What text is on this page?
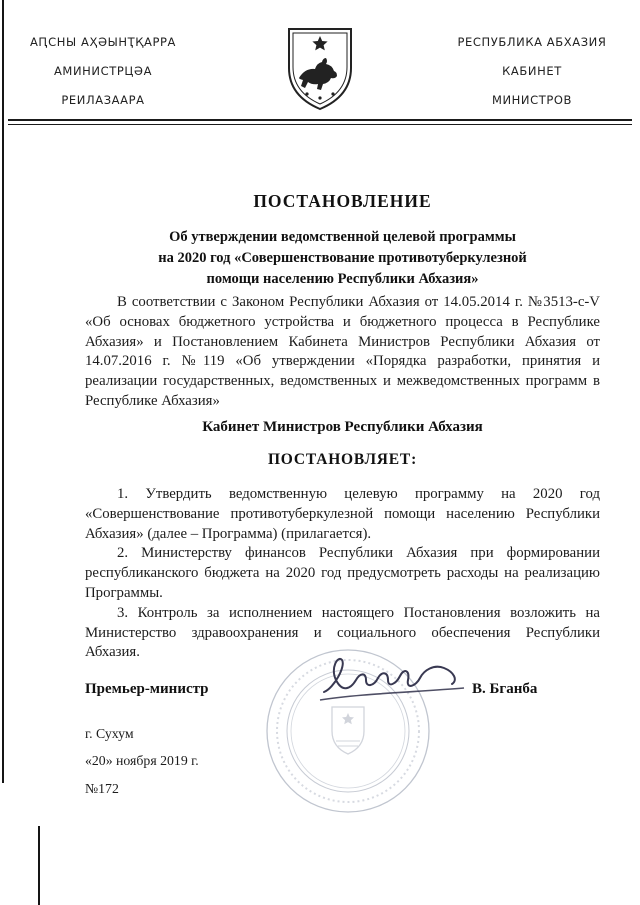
АԤСНЫ АҲӘЫНҬҚАРРА
АМИНИСТРЦӘА
РЕИЛАЗААРА
РЕСПУБЛИКА АБХАЗИЯ
КАБИНЕТ
МИНИСТРОВ
ПОСТАНОВЛЕНИЕ
Об утверждении ведомственной целевой программы
на 2020 год «Совершенствование противотуберкулезной
помощи населению Республики Абхазия»
В соответствии с Законом Республики Абхазия от 14.05.2014 г. №3513-с-V «Об основах бюджетного устройства и бюджетного процесса в Республике Абхазия» и Постановлением Кабинета Министров Республики Абхазия от 14.07.2016 г. №119 «Об утверждении «Порядка разработки, принятия и реализации государственных, ведомственных и межведомственных программ в Республике Абхазия»
Кабинет Министров Республики Абхазия
ПОСТАНОВЛЯЕТ:

1. Утвердить ведомственную целевую программу на 2020 год «Совершенствование противотуберкулезной помощи населению Республики Абхазия» (далее – Программа) (прилагается).

2. Министерству финансов Республики Абхазия при формировании республиканского бюджета на 2020 год предусмотреть расходы на реализацию Программы.

3. Контроль за исполнением настоящего Постановления возложить на Министерство здравоохранения и социального обеспечения Республики Абхазия.

Премьер-министр	В. Бганба
г. Сухум
«20» ноября 2019 г.
№172
